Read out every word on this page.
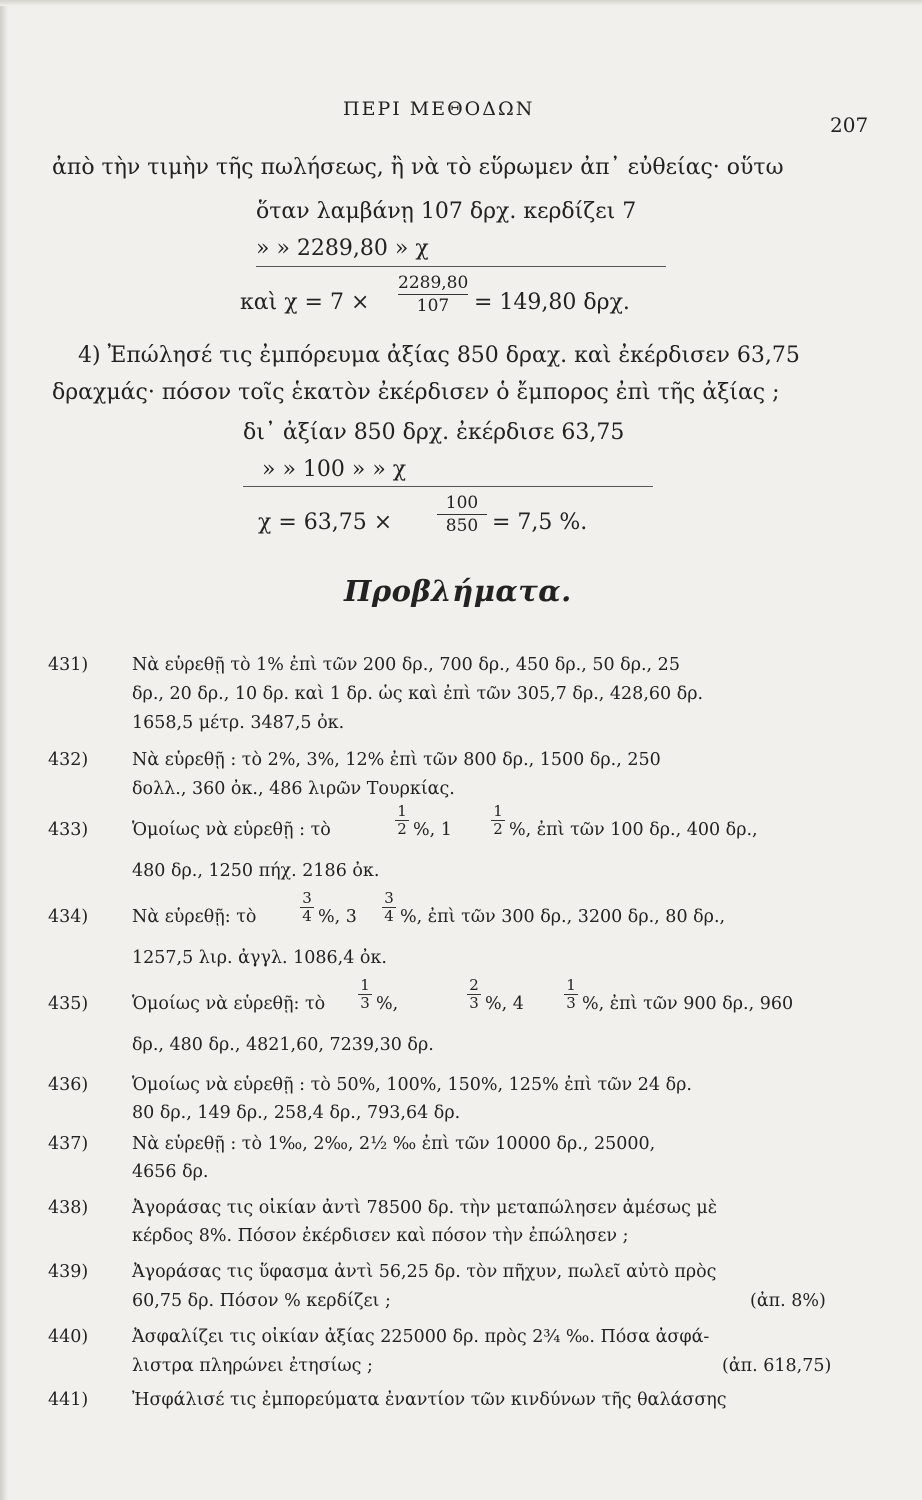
ΠΕΡΙ ΜΕΘΟΔΩΝ
207
ἀπὸ τὴν τιμὴν τῆς πωλήσεως, ἢ νὰ τὸ εὕρωμεν ἀπ᾽ εὐθείας· οὕτω
ὅταν λαμβάνῃ 107 δρχ. κερδίζει 7
» » 2289,80 » χ
καὶ χ = 7 ×
2289,80
107	= 149,80 δρχ.
4) Ἐπώλησέ τις ἐμπόρευμα ἀξίας 850 δραχ. καὶ ἐκέρδισεν 63,75
δραχμάς· πόσον τοῖς ἑκατὸν ἐκέρδισεν ὁ ἔμπορος ἐπὶ τῆς ἀξίας ;
δι᾽ ἀξίαν 850 δρχ. ἐκέρδισε 63,75
» » 100 » » χ
χ = 63,75 ×
100
850 = 7,5 %.
Προβλήματα.
431)	Νὰ εὑρεθῇ τὸ 1% ἐπὶ τῶν 200 δρ., 700 δρ., 450 δρ., 50 δρ., 25
δρ., 20 δρ., 10 δρ. καὶ 1 δρ. ὡς καὶ ἐπὶ τῶν 305,7 δρ., 428,60 δρ.
1658,5 μέτρ. 3487,5 ὀκ.
432)	Νὰ εὑρεθῇ : τὸ 2%, 3%, 12% ἐπὶ τῶν 800 δρ., 1500 δρ., 250
δολλ., 360 ὀκ., 486 λιρῶν Τουρκίας.
433)	Ὁμοίως νὰ εὑρεθῇ : τὸ
1
2 %, 1
1
2 %, ἐπὶ τῶν 100 δρ., 400 δρ.,
480 δρ., 1250 πήχ. 2186 ὀκ.
434)	Νὰ εὑρεθῇ: τὸ
3
4 %, 3
3
4 %, ἐπὶ τῶν 300 δρ., 3200 δρ., 80 δρ.,
1257,5 λιρ. ἀγγλ. 1086,4 ὀκ.
435)	Ὁμοίως νὰ εὑρεθῇ: τὸ
1
3 %,
2
3 %, 4
1
3 %, ἐπὶ τῶν 900 δρ., 960
δρ., 480 δρ., 4821,60, 7239,30 δρ.
436)	Ὁμοίως νὰ εὑρεθῇ : τὸ 50%, 100%, 150%, 125% ἐπὶ τῶν 24 δρ.
80 δρ., 149 δρ., 258,4 δρ., 793,64 δρ.
437)	Νὰ εὑρεθῇ : τὸ 1‰, 2‰, 2½ ‰ ἐπὶ τῶν 10000 δρ., 25000,
4656 δρ.
438)	Ἀγοράσας τις οἰκίαν ἀντὶ 78500 δρ. τὴν μεταπώλησεν ἀμέσως μὲ
κέρδος 8%. Πόσον ἐκέρδισεν καὶ πόσον τὴν ἐπώλησεν ;
439)	Ἀγοράσας τις ὕφασμα ἀντὶ 56,25 δρ. τὸν πῆχυν, πωλεῖ αὐτὸ πρὸς
60,75 δρ. Πόσον % κερδίζει ;	(ἀπ. 8%)
440)	Ἀσφαλίζει τις οἰκίαν ἀξίας 225000 δρ. πρὸς 2¾ ‰. Πόσα ἀσφά-
λιστρα πληρώνει ἐτησίως ;	(ἀπ. 618,75)
441)	Ἠσφάλισέ τις ἐμπορεύματα ἐναντίον τῶν κινδύνων τῆς θαλάσσης
